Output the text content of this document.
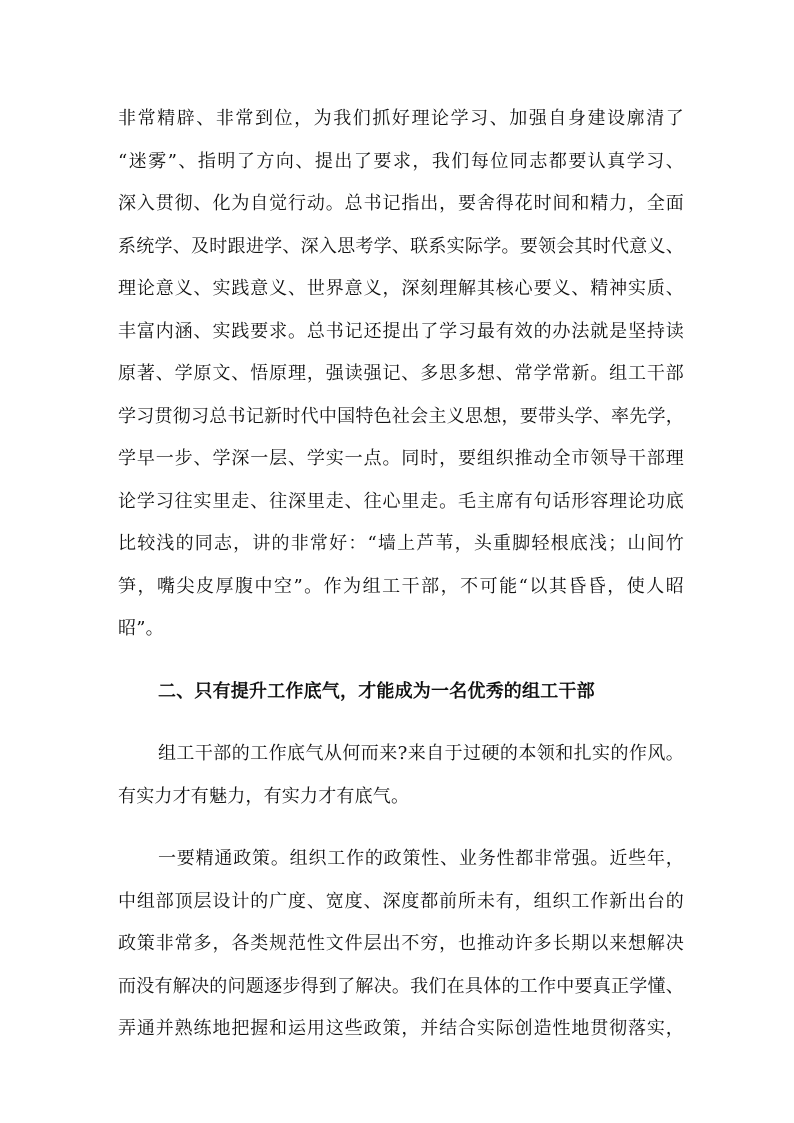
非常精辟、非常到位，为我们抓好理论学习、加强自身建设廓清了
“迷雾”、指明了方向、提出了要求，我们每位同志都要认真学习、
深入贯彻、化为自觉行动。总书记指出，要舍得花时间和精力，全面
系统学、及时跟进学、深入思考学、联系实际学。要领会其时代意义、
理论意义、实践意义、世界意义，深刻理解其核心要义、精神实质、
丰富内涵、实践要求。总书记还提出了学习最有效的办法就是坚持读
原著、学原文、悟原理，强读强记、多思多想、常学常新。组工干部
学习贯彻习总书记新时代中国特色社会主义思想，要带头学、率先学，
学早一步、学深一层、学实一点。同时，要组织推动全市领导干部理
论学习往实里走、往深里走、往心里走。毛主席有句话形容理论功底
比较浅的同志，讲的非常好：“墙上芦苇，头重脚轻根底浅；山间竹
笋，嘴尖皮厚腹中空”。作为组工干部，不可能“以其昏昏，使人昭
昭”。
二、只有提升工作底气，才能成为一名优秀的组工干部
组工干部的工作底气从何而来?来自于过硬的本领和扎实的作风。
有实力才有魅力，有实力才有底气。
一要精通政策。组织工作的政策性、业务性都非常强。近些年，
中组部顶层设计的广度、宽度、深度都前所未有，组织工作新出台的
政策非常多，各类规范性文件层出不穷，也推动许多长期以来想解决
而没有解决的问题逐步得到了解决。我们在具体的工作中要真正学懂、
弄通并熟练地把握和运用这些政策，并结合实际创造性地贯彻落实，
